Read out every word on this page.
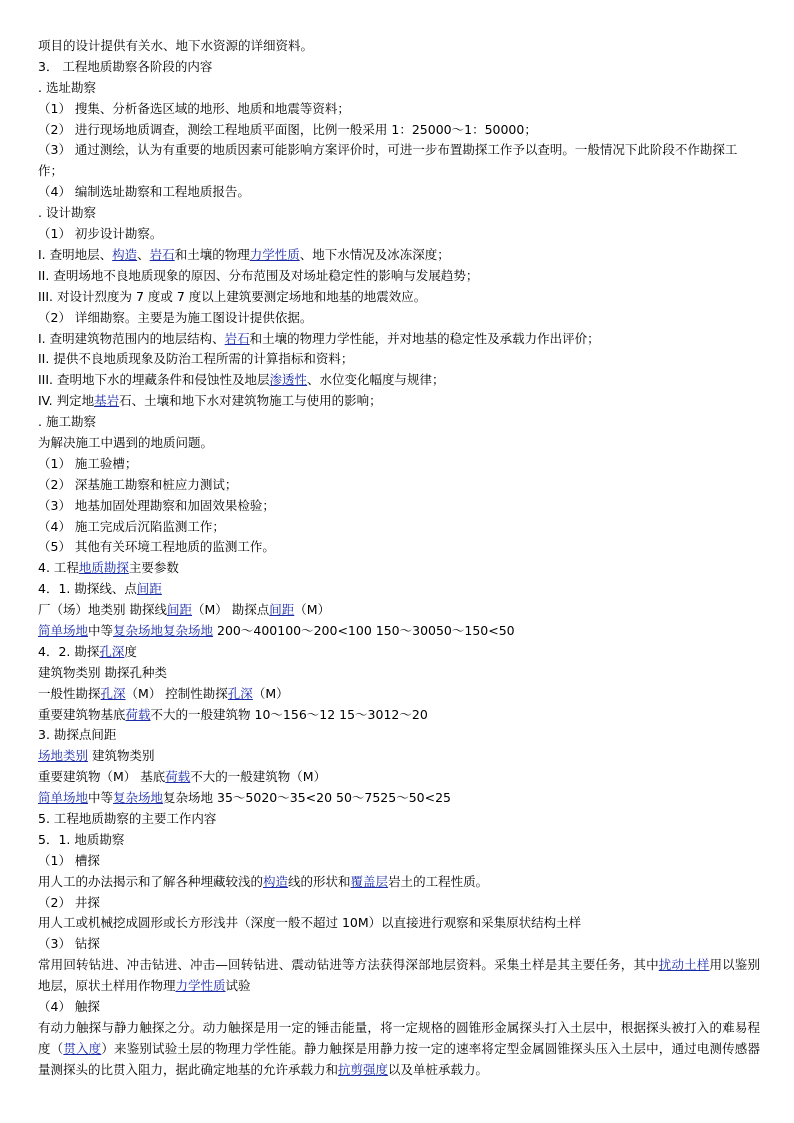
项目的设计提供有关水、地下水资源的详细资料。
3． 工程地质勘察各阶段的内容
. 选址勘察
（1） 搜集、分析备选区域的地形、地质和地震等资料；
（2） 进行现场地质调查，测绘工程地质平面图，比例一般采用 1：25000～1：50000；
（3） 通过测绘，认为有重要的地质因素可能影响方案评价时，可进一步布置勘探工作予以查明。一般情况下此阶段不作勘探工作；
（4） 编制选址勘察和工程地质报告。
. 设计勘察
（1） 初步设计勘察。
I. 查明地层、构造、岩石和土壤的物理力学性质、地下水情况及冰冻深度；
II. 查明场地不良地质现象的原因、分布范围及对场址稳定性的影响与发展趋势；
III. 对设计烈度为 7 度或 7 度以上建筑要测定场地和地基的地震效应。
（2） 详细勘察。主要是为施工图设计提供依据。
I. 查明建筑物范围内的地层结构、岩石和土壤的物理力学性能，并对地基的稳定性及承载力作出评价；
II. 提供不良地质现象及防治工程所需的计算指标和资料；
III. 查明地下水的埋藏条件和侵蚀性及地层渗透性、水位变化幅度与规律；
IV. 判定地基岩石、土壤和地下水对建筑物施工与使用的影响；
. 施工勘察
为解决施工中遇到的地质问题。
（1） 施工验槽；
（2） 深基施工勘察和桩应力测试；
（3） 地基加固处理勘察和加固效果检验；
（4） 施工完成后沉陷监测工作；
（5） 其他有关环境工程地质的监测工作。
4. 工程地质勘探主要参数
4．1. 勘探线、点间距
厂（场）地类别 勘探线间距（M） 勘探点间距（M）
简单场地中等复杂场地复杂场地 200～400100～200<100 150～30050～150<50
4．2. 勘探孔深度
建筑物类别 勘探孔种类
一般性勘探孔深（M） 控制性勘探孔深（M）
重要建筑物基底荷载不大的一般建筑物 10～156～12 15～3012～20
3. 勘探点间距
场地类别 建筑物类别
重要建筑物（M） 基底荷载不大的一般建筑物（M）
简单场地中等复杂场地复杂场地 35～5020～35<20 50～7525～50<25
5. 工程地质勘察的主要工作内容
5．1. 地质勘察
（1） 槽探
用人工的办法揭示和了解各种埋藏较浅的构造线的形状和覆盖层岩土的工程性质。
（2） 井探
用人工或机械挖成圆形或长方形浅井（深度一般不超过 10M）以直接进行观察和采集原状结构土样
（3） 钻探
常用回转钻进、冲击钻进、冲击—回转钻进、震动钻进等方法获得深部地层资料。采集土样是其主要任务，其中扰动土样用以鉴别地层，原状土样用作物理力学性质试验
（4） 触探
有动力触探与静力触探之分。动力触探是用一定的锤击能量，将一定规格的圆锥形金属探头打入土层中，根据探头被打入的难易程度（贯入度）来鉴别试验土层的物理力学性能。静力触探是用静力按一定的速率将定型金属圆锥探头压入土层中，通过电测传感器量测探头的比贯入阻力，据此确定地基的允许承载力和抗剪强度以及单桩承载力。
